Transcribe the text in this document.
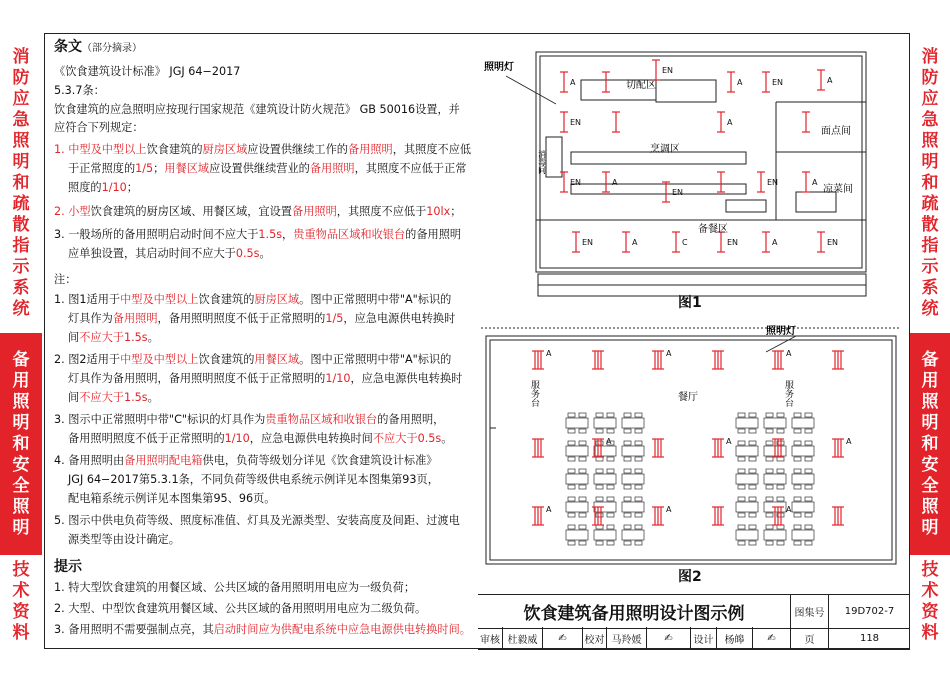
消
防
应
急
照
明
和
疏
散
指
示
系
统
备
用
照
明
和
安
全
照
明
技
术
资
料
消
防
应
急
照
明
和
疏
散
指
示
系
统
备
用
照
明
和
安
全
照
明
技
术
资
料
条文（部分摘录）
《饮食建筑设计标准》 JGJ 64−2017
5.3.7条：
饮食建筑的应急照明应按现行国家规范《建筑设计防火规范》 GB 50016设置，并
应符合下列规定：
1. 中型及中型以上饮食建筑的厨房区域应设置供继续工作的备用照明，其照度不应低
于正常照度的1/5；用餐区域应设置供继续营业的备用照明，其照度不应低于正常
照度的1/10；
2. 小型饮食建筑的厨房区域、用餐区域，宜设置备用照明，其照度不应低于10lx；
3. 一般场所的备用照明启动时间不应大于1.5s，贵重物品区域和收银台的备用照明
应单独设置，其启动时间不应大于0.5s。
注：
1. 图1适用于中型及中型以上饮食建筑的厨房区域。图中正常照明中带"A"标识的
灯具作为备用照明，备用照明照度不低于正常照明的1/5，应急电源供电转换时
间不应大于1.5s。
2. 图2适用于中型及中型以上饮食建筑的用餐区域。图中正常照明中带"A"标识的
灯具作为备用照明，备用照明照度不低于正常照明的1/10，应急电源供电转换时
间不应大于1.5s。
3. 图示中正常照明中带"C"标识的灯具作为贵重物品区域和收银台的备用照明，
备用照明照度不低于正常照明的1/10，应急电源供电转换时间不应大于0.5s。
4. 备用照明由备用照明配电箱供电，负荷等级划分详见《饮食建筑设计标准》
JGJ 64−2017第5.3.1条，不同负荷等级供电系统示例详见本图集第93页，
配电箱系统示例详见本图集第95、96页。
5. 图示中供电负荷等级、照度标准值、灯具及光源类型、安装高度及间距、过渡电
源类型等由设计确定。
提示
1. 特大型饮食建筑的用餐区域、公共区域的备用照明用电应为一级负荷；
2. 大型、中型饮食建筑用餐区域、公共区域的备用照明用电应为二级负荷。
3. 备用照明不需要强制点亮，其启动时间应为供配电系统中应急电源供电转换时间。
A
EN
A	EN	A
EN	A
EN	A
EN
EN	A
EN	A	C	EN	A	EN
照明灯
切配区
烹调区
面点间
凉菜间
备餐区
消毒间
图1
A	A	A
A	A	A
A	A	A
照明灯
餐厅
服务台	服务台
图2
饮食建筑备用照明设计图示例	图集号	19D702-7
审核 杜毅威	✍ 校对 马羚媛	✍	设计	杨皞	✍	页	118
